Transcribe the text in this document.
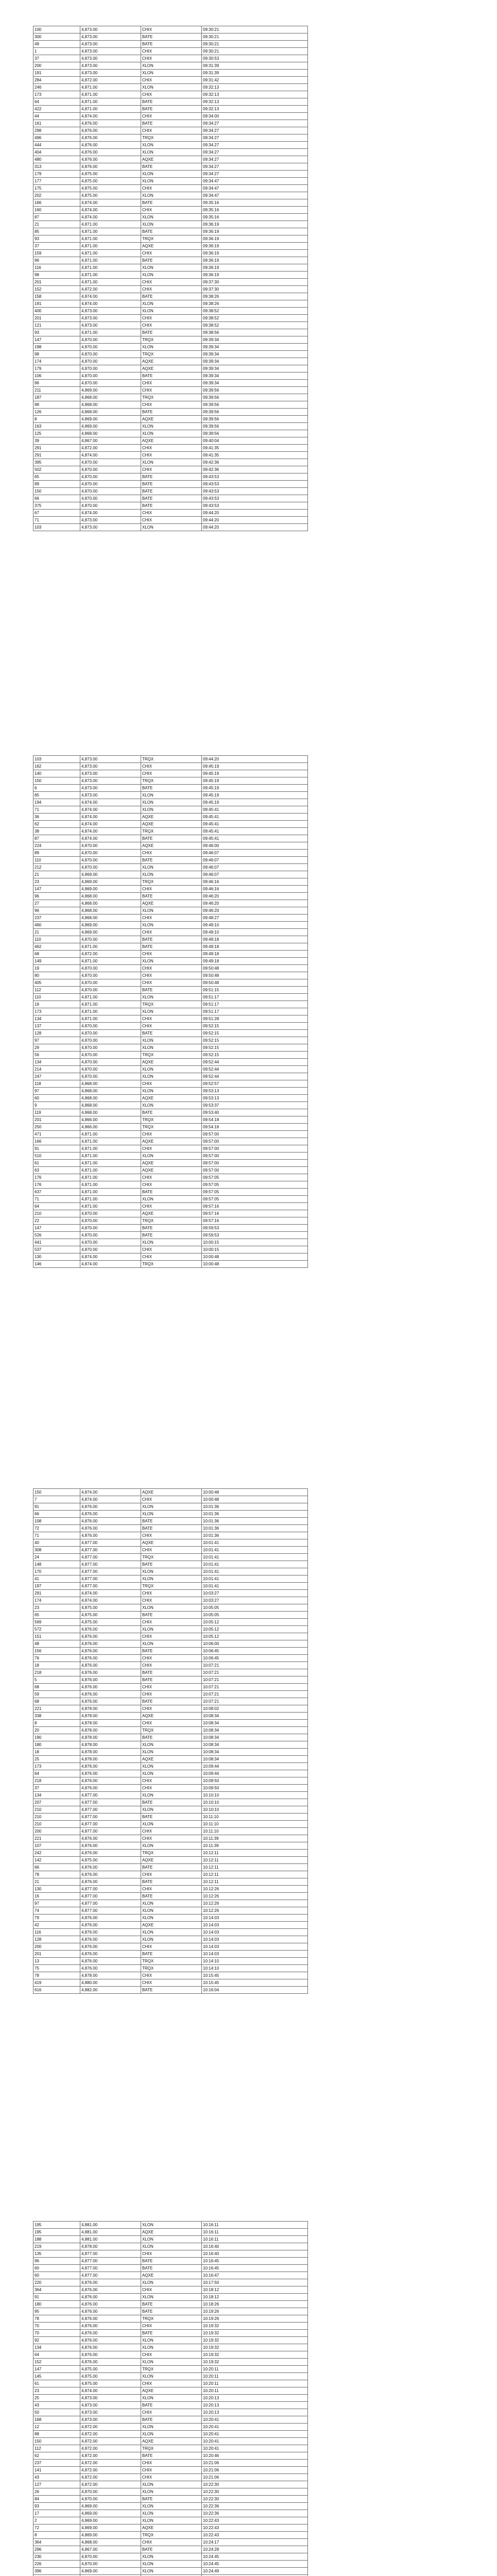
100	4,873.00	CHIX	09:30:21
300	4,873.00	BATE	09:30:21
49	4,873.00	BATE	09:30:21
1	4,873.00	CHIX	09:30:21
37	4,873.00	CHIX	09:30:53
200	4,873.00	XLON	09:31:39
191	4,873.00	XLON	09:31:39
284	4,872.00	CHIX	09:31:42
246	4,871.00	XLON	09:32:13
173	4,871.00	CHIX	09:32:13
64	4,871.00	BATE	09:32:13
422	4,871.00	BATE	09:32:13
44	4,874.00	CHIX	09:34:00
161	4,876.00	BATE	09:34:27
298	4,876.00	CHIX	09:34:27
496	4,876.00	TRQX	09:34:27
444	4,876.00	XLON	09:34:27
404	4,876.00	XLON	09:34:27
480	4,876.00	AQXE	09:34:27
313	4,876.00	BATE	09:34:27
179	4,875.00	XLON	09:34:27
177	4,875.00	XLON	09:34:47
175	4,875.00	CHIX	09:34:47
202	4,875.00	XLON	09:34:47
166	4,874.00	BATE	09:35:16
160	4,874.00	CHIX	09:35:16
87	4,874.00	XLON	09:35:16
21	4,871.00	XLON	09:36:19
85	4,871.00	BATE	09:36:19
93	4,871.00	TRQX	09:36:19
37	4,871.00	AQXE	09:36:19
159	4,871.00	CHIX	09:36:19
96	4,871.00	BATE	09:36:19
116	4,871.00	XLON	09:36:19
98	4,871.00	XLON	09:36:19
201	4,871.00	CHIX	09:37:30
152	4,872.00	CHIX	09:37:30
158	4,874.00	BATE	09:38:26
191	4,874.00	XLON	09:38:26
400	4,873.00	XLON	09:38:52
201	4,873.00	CHIX	09:38:52
121	4,873.00	CHIX	09:38:52
93	4,871.00	BATE	09:38:56
147	4,870.00	TRQX	09:39:34
198	4,870.00	XLON	09:39:34
98	4,870.00	TRQX	09:39:34
174	4,870.00	AQXE	09:39:34
179	4,870.00	AQXE	09:39:34
106	4,870.00	BATE	09:39:34
96	4,870.00	CHIX	09:39:34
211	4,869.00	CHIX	09:39:56
187	4,868.00	TRQX	09:39:56
98	4,868.00	CHIX	09:39:56
126	4,868.00	BATE	09:39:56
8	4,869.00	AQXE	09:39:56
163	4,869.00	XLON	09:39:56
125	4,868.00	XLON	09:39:56
39	4,867.00	AQXE	09:40:04
291	4,872.00	CHIX	09:41:35
291	4,874.00	CHIX	09:41:35
395	4,870.00	XLON	09:42:36
502	4,870.00	CHIX	09:42:36
65	4,870.00	BATE	09:43:53
89	4,870.00	BATE	09:43:53
150	4,870.00	BATE	09:43:53
66	4,870.00	BATE	09:43:53
375	4,870.00	BATE	09:43:53
67	4,874.00	CHIX	09:44:20
71	4,873.00	CHIX	09:44:20
103	4,873.00	XLON	09:44:20
103	4,873.00	TRQX	09:44:20
162	4,873.00	CHIX	09:45:19
140	4,873.00	CHIX	09:45:19
150	4,873.00	TRQX	09:45:19
6	4,873.00	BATE	09:45:19
85	4,873.00	XLON	09:45:19
194	4,874.00	XLON	09:45:19
71	4,874.00	XLON	09:45:41
36	4,874.00	AQXE	09:45:41
62	4,874.00	AQXE	09:45:41
38	4,874.00	TRQX	09:45:41
87	4,874.00	BATE	09:45:41
224	4,870.00	AQXE	09:46:00
89	4,870.00	CHIX	09:46:07
110	4,870.00	BATE	09:46:07
212	4,870.00	XLON	09:46:07
21	4,869.00	XLON	09:46:07
23	4,869.00	TRQX	09:46:16
147	4,869.00	CHIX	09:46:16
96	4,868.00	BATE	09:46:20
27	4,868.00	AQXE	09:46:20
96	4,868.00	XLON	09:46:20
237	4,868.00	CHIX	09:48:27
460	4,869.00	XLON	09:49:10
21	4,869.00	CHIX	09:49:10
110	4,870.00	BATE	09:49:18
462	4,871.00	BATE	09:49:18
68	4,872.00	CHIX	09:49:18
149	4,871.00	XLON	09:49:18
19	4,870.00	CHIX	09:50:48
80	4,870.00	CHIX	09:50:48
405	4,870.00	CHIX	09:50:48
112	4,870.00	BATE	09:51:15
110	4,871.00	XLON	09:51:17
19	4,871.00	TRQX	09:51:17
173	4,871.00	XLON	09:51:17
134	4,871.00	CHIX	09:51:28
137	4,870.00	CHIX	09:52:15
128	4,870.00	BATE	09:52:15
97	4,870.00	XLON	09:52:15
29	4,870.00	XLON	09:52:15
56	4,870.00	TRQX	09:52:15
134	4,870.00	AQXE	09:52:44
214	4,870.00	XLON	09:52:44
247	4,870.00	XLON	09:52:44
118	4,868.00	CHIX	09:52:57
97	4,868.00	XLON	09:53:13
60	4,868.00	AQXE	09:53:13
9	4,868.00	XLON	09:53:37
119	4,868.00	BATE	09:53:40
201	4,866.00	TRQX	09:54:18
250	4,866.00	TRQX	09:54:18
471	4,871.00	CHIX	09:57:00
166	4,871.00	AQXE	09:57:00
91	4,871.00	CHIX	09:57:00
510	4,871.00	XLON	09:57:00
61	4,871.00	AQXE	09:57:00
63	4,871.00	AQXE	09:57:00
176	4,871.00	CHIX	09:57:05
176	4,871.00	CHIX	09:57:05
637	4,871.00	BATE	09:57:05
71	4,871.00	XLON	09:57:05
64	4,871.00	CHIX	09:57:16
210	4,870.00	AQXE	09:57:16
22	4,870.00	TRQX	09:57:16
147	4,870.00	BATE	09:59:53
526	4,870.00	BATE	09:59:53
441	4,870.00	XLON	10:00:15
537	4,870.00	CHIX	10:00:15
130	4,874.00	CHIX	10:00:48
146	4,874.00	TRQX	10:00:48
150	4,874.00	AQXE	10:00:48
7	4,874.00	CHIX	10:00:48
91	4,876.00	XLON	10:01:36
66	4,876.00	XLON	10:01:36
108	4,876.00	BATE	10:01:36
72	4,876.00	BATE	10:01:36
71	4,876.00	CHIX	10:01:36
40	4,877.00	AQXE	10:01:41
308	4,877.00	CHIX	10:01:41
24	4,877.00	TRQX	10:01:41
148	4,877.00	BATE	10:01:41
170	4,877.00	XLON	10:01:41
41	4,877.00	XLON	10:01:41
197	4,877.00	TRQX	10:01:41
291	4,874.00	CHIX	10:03:27
174	4,874.00	CHIX	10:03:27
23	4,875.00	XLON	10:05:05
65	4,875.00	BATE	10:05:05
569	4,875.00	CHIX	10:05:12
572	4,876.00	XLON	10:05:12
151	4,876.00	CHIX	10:05:12
48	4,876.00	XLON	10:06:00
156	4,876.00	BATE	10:06:45
76	4,876.00	CHIX	10:06:45
18	4,876.00	CHIX	10:07:21
218	4,876.00	BATE	10:07:21
5	4,876.00	BATE	10:07:21
68	4,876.00	CHIX	10:07:21
59	4,876.00	CHIX	10:07:21
68	4,876.00	BATE	10:07:21
221	4,878.00	CHIX	10:08:02
338	4,878.00	AQXE	10:08:34
8	4,878.00	CHIX	10:08:34
20	4,878.00	TRQX	10:08:34
190	4,878.00	BATE	10:08:34
180	4,878.00	XLON	10:08:34
18	4,878.00	XLON	10:08:34
25	4,878.00	AQXE	10:08:34
173	4,876.00	XLON	10:09:44
64	4,876.00	XLON	10:09:44
218	4,876.00	CHIX	10:09:50
37	4,876.00	CHIX	10:09:50
134	4,877.00	XLON	10:10:10
207	4,877.00	BATE	10:10:10
210	4,877.00	XLON	10:10:10
210	4,877.00	BATE	10:11:10
210	4,877.00	XLON	10:11:10
200	4,877.00	CHIX	10:11:10
221	4,876.00	CHIX	10:11:39
107	4,876.00	XLON	10:11:39
242	4,876.00	TRQX	10:12:11
142	4,875.00	AQXE	10:12:11
66	4,876.00	BATE	10:12:11
78	4,876.00	CHIX	10:12:11
21	4,876.00	BATE	10:12:11
130	4,877.00	CHIX	10:12:26
16	4,877.00	BATE	10:12:26
97	4,877.00	XLON	10:12:26
74	4,877.00	XLON	10:12:26
79	4,876.00	XLON	10:14:03
42	4,876.00	AQXE	10:14:03
116	4,876.00	XLON	10:14:03
128	4,876.00	XLON	10:14:03
200	4,876.00	CHIX	10:14:03
201	4,876.00	BATE	10:14:03
13	4,876.00	TRQX	10:14:10
75	4,876.00	TRQX	10:14:10
78	4,878.00	CHIX	10:15:45
419	4,880.00	CHIX	10:15:45
616	4,882.00	BATE	10:16:04
195	4,881.00	XLON	10:16:11
195	4,881.00	AQXE	10:16:11
188	4,881.00	XLON	10:16:11
219	4,878.00	XLON	10:16:40
135	4,877.00	CHIX	10:16:40
96	4,877.00	BATE	10:16:45
60	4,877.00	BATE	10:16:45
60	4,877.00	AQXE	10:16:47
220	4,876.00	XLON	10:17:50
364	4,876.00	CHIX	10:18:12
91	4,876.00	XLON	10:18:12
180	4,876.00	BATE	10:18:26
95	4,876.00	BATE	10:19:26
78	4,876.00	TRQX	10:19:26
70	4,876.00	CHIX	10:19:32
70	4,876.00	BATE	10:19:32
92	4,876.00	XLON	10:19:32
134	4,876.00	XLON	10:19:32
64	4,876.00	CHIX	10:19:32
152	4,876.00	XLON	10:19:32
147	4,875.00	TRQX	10:20:11
145	4,875.00	XLON	10:20:11
61	4,875.00	CHIX	10:20:11
23	4,874.00	AQXE	10:20:11
25	4,873.00	XLON	10:20:13
43	4,873.00	BATE	10:20:13
50	4,873.00	CHIX	10:20:13
168	4,873.00	BATE	10:20:41
12	4,872.00	XLON	10:20:41
88	4,872.00	XLON	10:20:41
150	4,872.00	AQXE	10:20:41
112	4,872.00	TRQX	10:20:41
62	4,872.00	BATE	10:20:46
237	4,872.00	CHIX	10:21:06
141	4,872.00	CHIX	10:21:06
43	4,872.00	CHIX	10:21:06
127	4,872.00	XLON	10:22:30
26	4,870.00	XLON	10:22:30
84	4,870.00	BATE	10:22:30
93	4,869.00	XLON	10:22:36
17	4,869.00	XLON	10:22:36
2	4,869.00	XLON	10:22:43
72	4,869.00	AQXE	10:22:43
8	4,869.00	TRQX	10:22:43
364	4,868.00	CHIX	10:24:17
296	4,867.00	BATE	10:24:28
230	4,870.00	XLON	10:24:45
226	4,870.00	XLON	10:24:45
396	4,869.00	XLON	10:24:49
